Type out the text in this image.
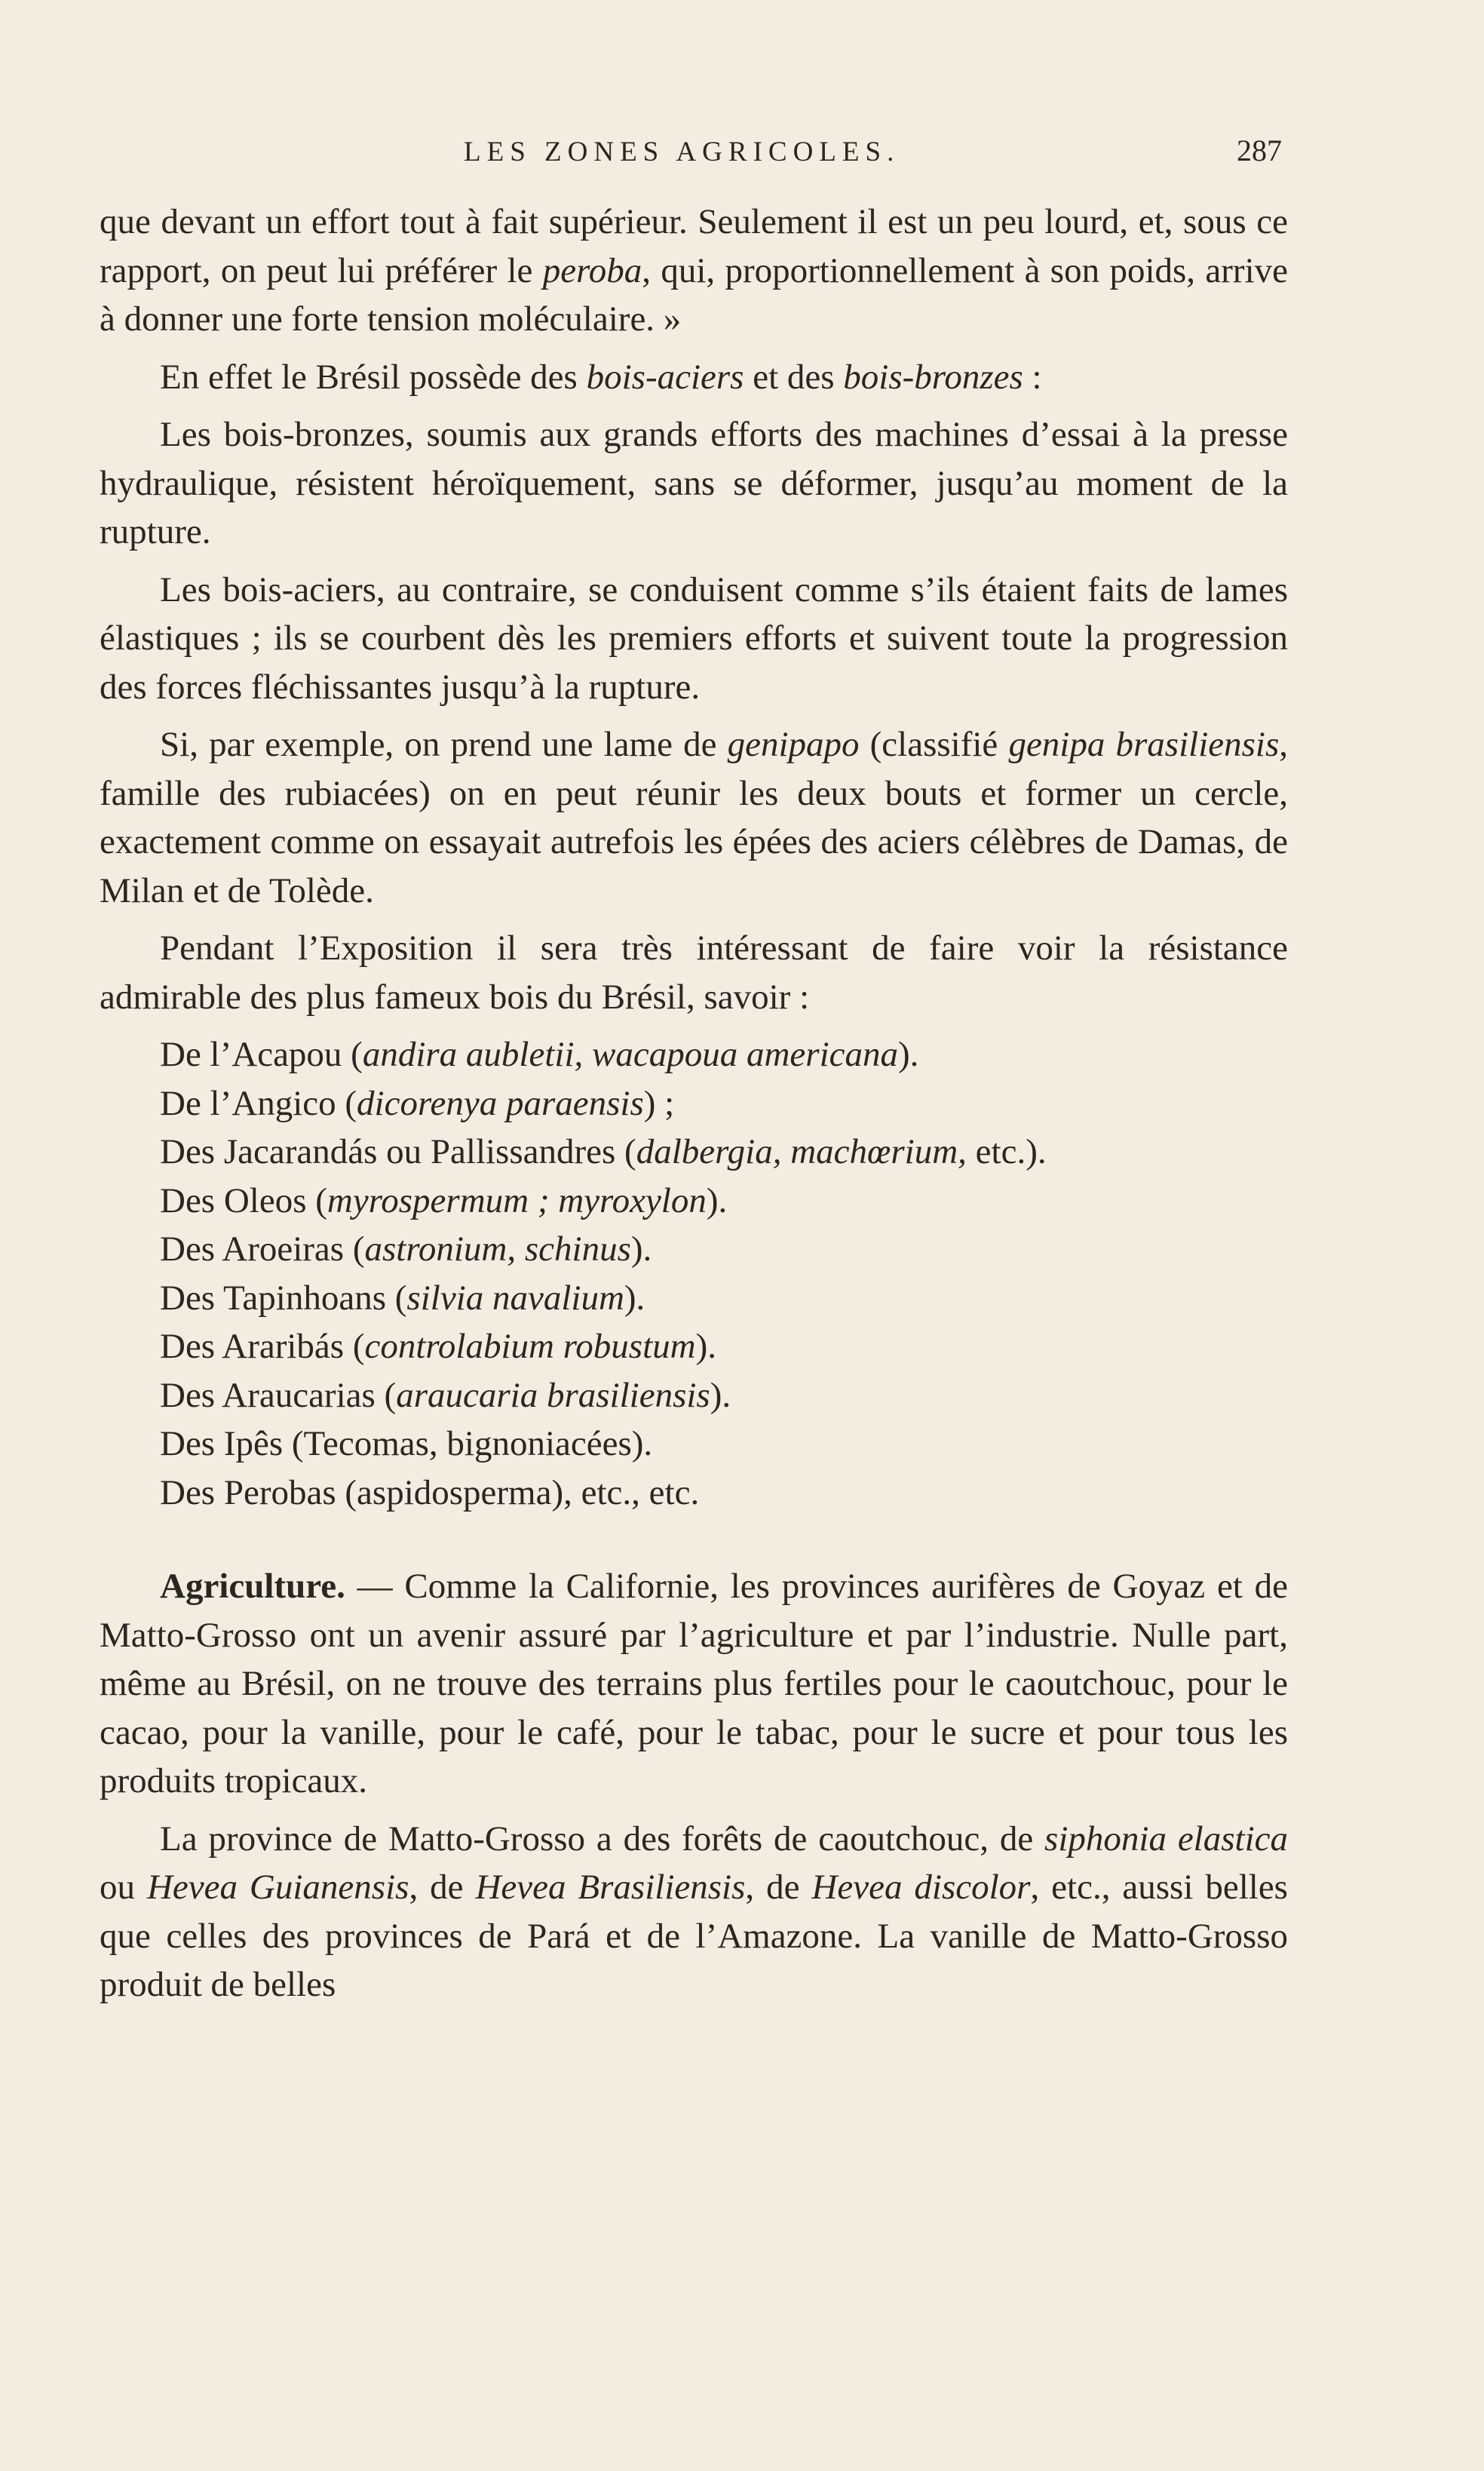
LES ZONES AGRICOLES.	287

que devant un effort tout à fait supérieur. Seulement il est un peu lourd, et, sous ce rapport, on peut lui préférer le peroba, qui, proportionnellement à son poids, arrive à donner une forte tension moléculaire. »

En effet le Brésil possède des bois-aciers et des bois-bronzes :

Les bois-bronzes, soumis aux grands efforts des machines d’essai à la presse hydraulique, résistent héroïquement, sans se déformer, jusqu’au moment de la rupture.

Les bois-aciers, au contraire, se conduisent comme s’ils étaient faits de lames élastiques ; ils se courbent dès les premiers efforts et suivent toute la progression des forces fléchissantes jusqu’à la rupture.

Si, par exemple, on prend une lame de genipapo (classifié genipa brasiliensis, famille des rubiacées) on en peut réunir les deux bouts et former un cercle, exactement comme on essayait autrefois les épées des aciers célèbres de Damas, de Milan et de Tolède.

Pendant l’Exposition il sera très intéressant de faire voir la résistance admirable des plus fameux bois du Brésil, savoir :

De l’Acapou (andira aubletii, wacapoua americana).

De l’Angico (dicorenya paraensis) ;

Des Jacarandás ou Pallissandres (dalbergia, machœrium, etc.).

Des Oleos (myrospermum ; myroxylon).

Des Aroeiras (astronium, schinus).

Des Tapinhoans (silvia navalium).

Des Araribás (controlabium robustum).

Des Araucarias (araucaria brasiliensis).

Des Ipês (Tecomas, bignoniacées).

Des Perobas (aspidosperma), etc., etc.

Agriculture. — Comme la Californie, les provinces aurifères de Goyaz et de Matto-Grosso ont un avenir assuré par l’agriculture et par l’industrie. Nulle part, même au Brésil, on ne trouve des terrains plus fertiles pour le caoutchouc, pour le cacao, pour la vanille, pour le café, pour le tabac, pour le sucre et pour tous les produits tropicaux.

La province de Matto-Grosso a des forêts de caoutchouc, de siphonia elastica ou Hevea Guianensis, de Hevea Brasiliensis, de Hevea discolor, etc., aussi belles que celles des provinces de Pará et de l’Amazone. La vanille de Matto-Grosso produit de belles
